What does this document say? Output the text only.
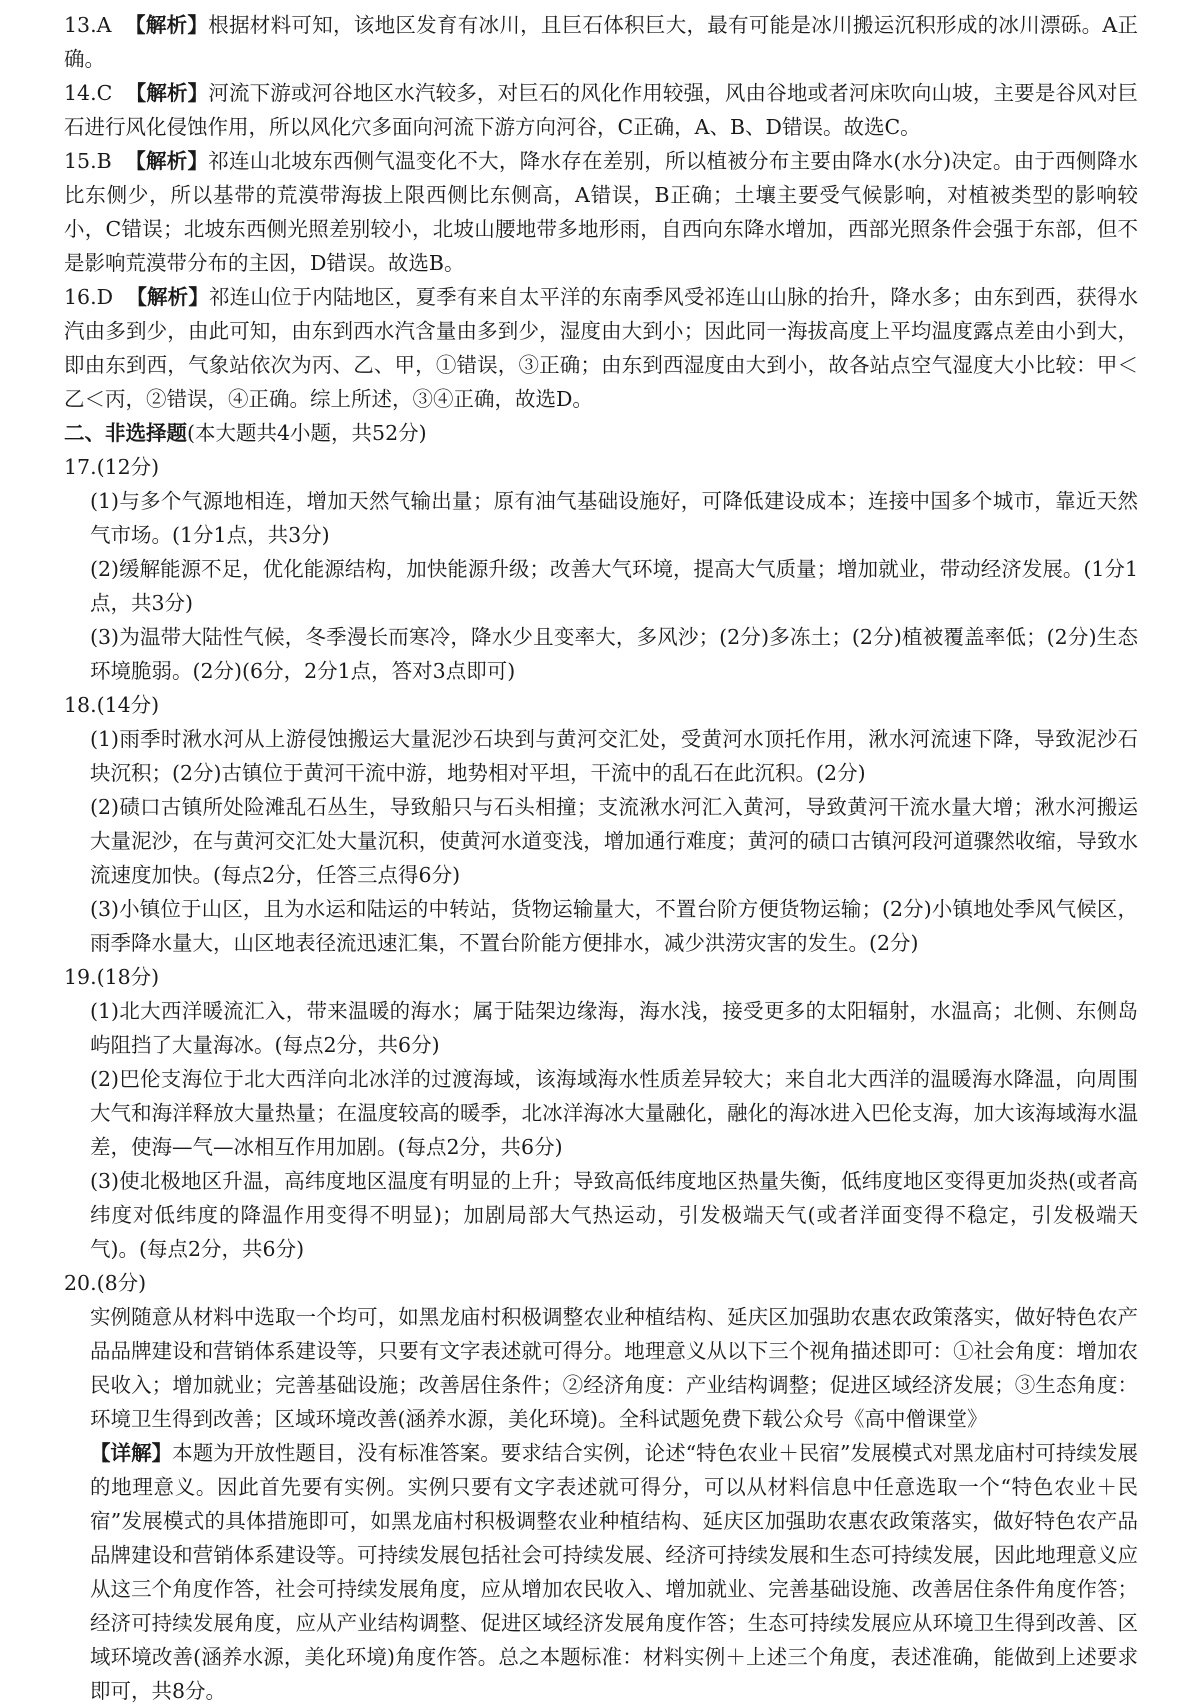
13.A 【解析】根据材料可知，该地区发育有冰川，且巨石体积巨大，最有可能是冰川搬运沉积形成的冰川漂砾。A正确。

14.C 【解析】河流下游或河谷地区水汽较多，对巨石的风化作用较强，风由谷地或者河床吹向山坡，主要是谷风对巨石进行风化侵蚀作用，所以风化穴多面向河流下游方向河谷，C正确，A、B、D错误。故选C。

15.B 【解析】祁连山北坡东西侧气温变化不大，降水存在差别，所以植被分布主要由降水(水分)决定。由于西侧降水比东侧少，所以基带的荒漠带海拔上限西侧比东侧高，A错误，B正确；土壤主要受气候影响，对植被类型的影响较小，C错误；北坡东西侧光照差别较小，北坡山腰地带多地形雨，自西向东降水增加，西部光照条件会强于东部，但不是影响荒漠带分布的主因，D错误。故选B。

16.D 【解析】祁连山位于内陆地区，夏季有来自太平洋的东南季风受祁连山山脉的抬升，降水多；由东到西，获得水汽由多到少，由此可知，由东到西水汽含量由多到少，湿度由大到小；因此同一海拔高度上平均温度露点差由小到大，即由东到西，气象站依次为丙、乙、甲，①错误，③正确；由东到西湿度由大到小，故各站点空气湿度大小比较：甲＜乙＜丙，②错误，④正确。综上所述，③④正确，故选D。

二、非选择题(本大题共4小题，共52分)

17.(12分)

(1)与多个气源地相连，增加天然气输出量；原有油气基础设施好，可降低建设成本；连接中国多个城市，靠近天然气市场。(1分1点，共3分)

(2)缓解能源不足，优化能源结构，加快能源升级；改善大气环境，提高大气质量；增加就业，带动经济发展。(1分1点，共3分)

(3)为温带大陆性气候，冬季漫长而寒冷，降水少且变率大，多风沙；(2分)多冻土；(2分)植被覆盖率低；(2分)生态环境脆弱。(2分)(6分，2分1点，答对3点即可)

18.(14分)

(1)雨季时湫水河从上游侵蚀搬运大量泥沙石块到与黄河交汇处，受黄河水顶托作用，湫水河流速下降，导致泥沙石块沉积；(2分)古镇位于黄河干流中游，地势相对平坦，干流中的乱石在此沉积。(2分)

(2)碛口古镇所处险滩乱石丛生，导致船只与石头相撞；支流湫水河汇入黄河，导致黄河干流水量大增；湫水河搬运大量泥沙，在与黄河交汇处大量沉积，使黄河水道变浅，增加通行难度；黄河的碛口古镇河段河道骤然收缩，导致水流速度加快。(每点2分，任答三点得6分)

(3)小镇位于山区，且为水运和陆运的中转站，货物运输量大，不置台阶方便货物运输；(2分)小镇地处季风气候区，雨季降水量大，山区地表径流迅速汇集，不置台阶能方便排水，减少洪涝灾害的发生。(2分)

19.(18分)

(1)北大西洋暖流汇入，带来温暖的海水；属于陆架边缘海，海水浅，接受更多的太阳辐射，水温高；北侧、东侧岛屿阻挡了大量海冰。(每点2分，共6分)

(2)巴伦支海位于北大西洋向北冰洋的过渡海域，该海域海水性质差异较大；来自北大西洋的温暖海水降温，向周围大气和海洋释放大量热量；在温度较高的暖季，北冰洋海冰大量融化，融化的海冰进入巴伦支海，加大该海域海水温差，使海—气—冰相互作用加剧。(每点2分，共6分)

(3)使北极地区升温，高纬度地区温度有明显的上升；导致高低纬度地区热量失衡，低纬度地区变得更加炎热(或者高纬度对低纬度的降温作用变得不明显)；加剧局部大气热运动，引发极端天气(或者洋面变得不稳定，引发极端天气)。(每点2分，共6分)

20.(8分)

实例随意从材料中选取一个均可，如黑龙庙村积极调整农业种植结构、延庆区加强助农惠农政策落实，做好特色农产品品牌建设和营销体系建设等，只要有文字表述就可得分。地理意义从以下三个视角描述即可：①社会角度：增加农民收入；增加就业；完善基础设施；改善居住条件；②经济角度：产业结构调整；促进区域经济发展；③生态角度：环境卫生得到改善；区域环境改善(涵养水源，美化环境)。全科试题免费下载公众号《高中僧课堂》

【详解】本题为开放性题目，没有标准答案。要求结合实例，论述“特色农业＋民宿”发展模式对黑龙庙村可持续发展的地理意义。因此首先要有实例。实例只要有文字表述就可得分，可以从材料信息中任意选取一个“特色农业＋民宿”发展模式的具体措施即可，如黑龙庙村积极调整农业种植结构、延庆区加强助农惠农政策落实，做好特色农产品品牌建设和营销体系建设等。可持续发展包括社会可持续发展、经济可持续发展和生态可持续发展，因此地理意义应从这三个角度作答，社会可持续发展角度，应从增加农民收入、增加就业、完善基础设施、改善居住条件角度作答；经济可持续发展角度，应从产业结构调整、促进区域经济发展角度作答；生态可持续发展应从环境卫生得到改善、区域环境改善(涵养水源，美化环境)角度作答。总之本题标准：材料实例＋上述三个角度，表述准确，能做到上述要求即可，共8分。
